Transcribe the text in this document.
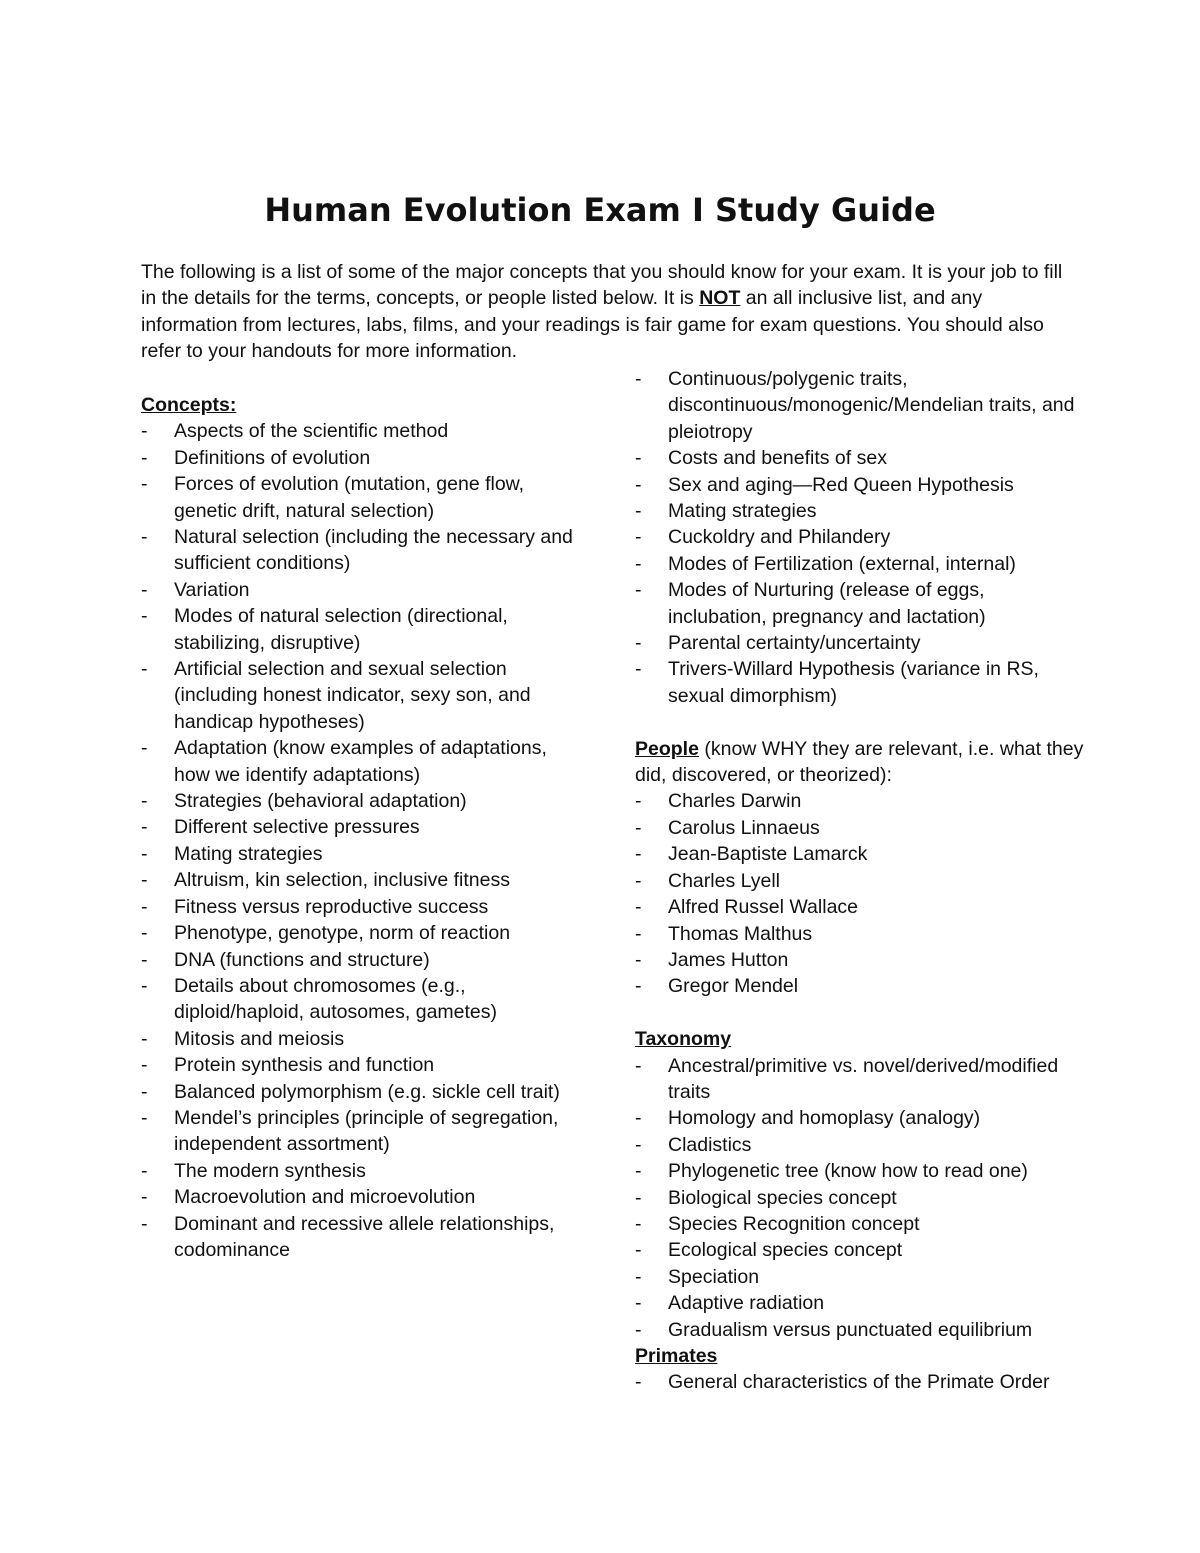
Human Evolution Exam I Study Guide

The following is a list of some of the major concepts that you should know for your exam. It is your job to fill in the details for the terms, concepts, or people listed below. It is NOT an all inclusive list, and any information from lectures, labs, films, and your readings is fair game for exam questions. You should also refer to your handouts for more information.

Concepts:
-	Aspects of the scientific method
-	Definitions of evolution
-	Forces of evolution (mutation, gene flow, genetic drift, natural selection)
-	Natural selection (including the necessary and sufficient conditions)
-	Variation
-	Modes of natural selection (directional, stabilizing, disruptive)
-	Artificial selection and sexual selection (including honest indicator, sexy son, and handicap hypotheses)
-	Adaptation (know examples of adaptations, how we identify adaptations)
-	Strategies (behavioral adaptation)
-	Different selective pressures
-	Mating strategies
-	Altruism, kin selection, inclusive fitness
-	Fitness versus reproductive success
-	Phenotype, genotype, norm of reaction
-	DNA (functions and structure)
-	Details about chromosomes (e.g., diploid/haploid, autosomes, gametes)
-	Mitosis and meiosis
-	Protein synthesis and function
-	Balanced polymorphism (e.g. sickle cell trait)
-	Mendel’s principles (principle of segregation, independent assortment)
-	The modern synthesis
-	Macroevolution and microevolution
-	Dominant and recessive allele relationships, codominance
-	Continuous/polygenic traits, discontinuous/monogenic/Mendelian traits, and pleiotropy
-	Costs and benefits of sex
-	Sex and aging—Red Queen Hypothesis
-	Mating strategies
-	Cuckoldry and Philandery
-	Modes of Fertilization (external, internal)
-	Modes of Nurturing (release of eggs, inclubation, pregnancy and lactation)
-	Parental certainty/uncertainty
-	Trivers-Willard Hypothesis (variance in RS, sexual dimorphism)
People (know WHY they are relevant, i.e. what they did, discovered, or theorized):
-	Charles Darwin
-	Carolus Linnaeus
-	Jean-Baptiste Lamarck
-	Charles Lyell
-	Alfred Russel Wallace
-	Thomas Malthus
-	James Hutton
-	Gregor Mendel
Taxonomy
-	Ancestral/primitive vs. novel/derived/modified traits
-	Homology and homoplasy (analogy)
-	Cladistics
-	Phylogenetic tree (know how to read one)
-	Biological species concept
-	Species Recognition concept
-	Ecological species concept
-	Speciation
-	Adaptive radiation
-	Gradualism versus punctuated equilibrium
Primates
-	General characteristics of the Primate Order
